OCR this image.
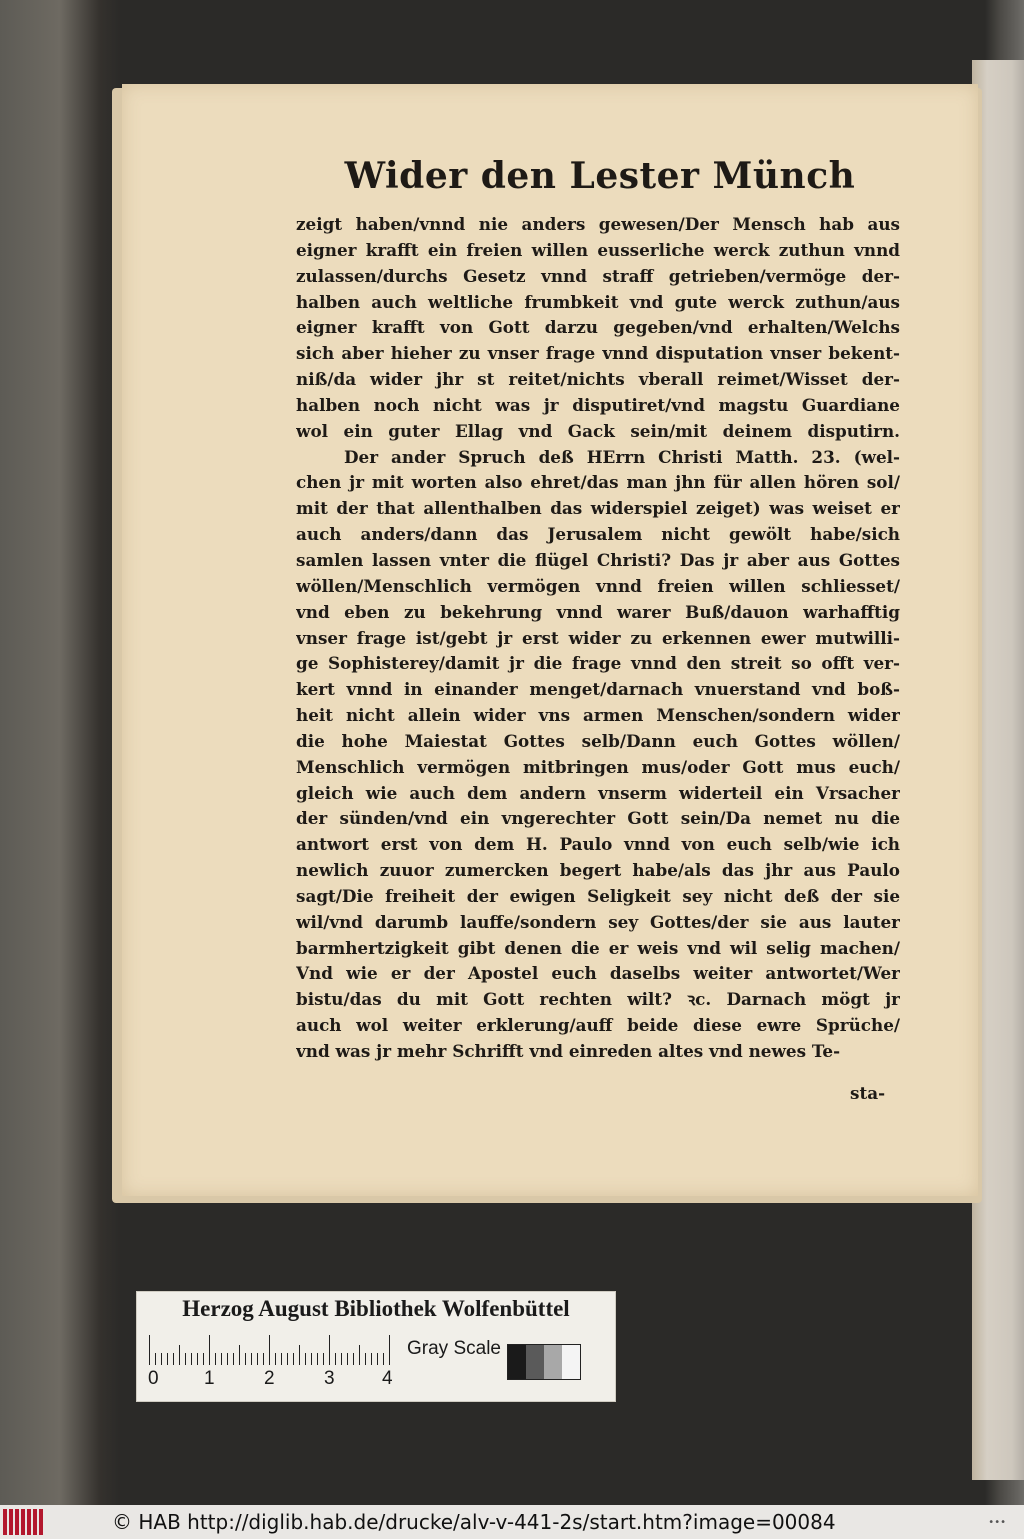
Wider den Lester Münch
zeigt haben/vnnd nie anders gewesen/Der Mensch hab aus
eigner krafft ein freien willen eusserliche werck zuthun vnnd
zulassen/durchs Gesetz vnnd straff getrieben/vermöge der-
halben auch weltliche frumbkeit vnd gute werck zuthun/aus
eigner krafft von Gott darzu gegeben/vnd erhalten/Welchs
sich aber hieher zu vnser frage vnnd disputation vnser bekent-
niß/da wider jhr st reitet/nichts vberall reimet/Wisset der-
halben noch nicht was jr disputiret/vnd magstu Guardiane
wol ein guter Ellag vnd Gack sein/mit deinem disputirn.
Der ander Spruch deß HErrn Christi Matth. 23. (wel-
chen jr mit worten also ehret/das man jhn für allen hören sol/
mit der that allenthalben das widerspiel zeiget) was weiset er
auch anders/dann das Jerusalem nicht gewölt habe/sich
samlen lassen vnter die flügel Christi? Das jr aber aus Gottes
wöllen/Menschlich vermögen vnnd freien willen schliesset/
vnd eben zu bekehrung vnnd warer Buß/dauon warhafftig
vnser frage ist/gebt jr erst wider zu erkennen ewer mutwilli-
ge Sophisterey/damit jr die frage vnnd den streit so offt ver-
kert vnnd in einander menget/darnach vnuerstand vnd boß-
heit nicht allein wider vns armen Menschen/sondern wider
die hohe Maiestat Gottes selb/Dann euch Gottes wöllen/
Menschlich vermögen mitbringen mus/oder Gott mus euch/
gleich wie auch dem andern vnserm widerteil ein Vrsacher
der sünden/vnd ein vngerechter Gott sein/Da nemet nu die
antwort erst von dem H. Paulo vnnd von euch selb/wie ich
newlich zuuor zumercken begert habe/als das jhr aus Paulo
sagt/Die freiheit der ewigen Seligkeit sey nicht deß der sie
wil/vnd darumb lauffe/sondern sey Gottes/der sie aus lauter
barmhertzigkeit gibt denen die er weis vnd wil selig machen/
Vnd wie er der Apostel euch daselbs weiter antwortet/Wer
bistu/das du mit Gott rechten wilt? ꝛc. Darnach mögt jr
auch wol weiter erklerung/auff beide diese ewre Sprüche/
vnd was jr mehr Schrifft vnd einreden altes vnd newes Te-
sta-
Herzog August Bibliothek Wolfenbüttel
0 1	2	3 4
Gray Scale
© HAB http://diglib.hab.de/drucke/alv-v-441-2s/start.htm?image=00084	•••
